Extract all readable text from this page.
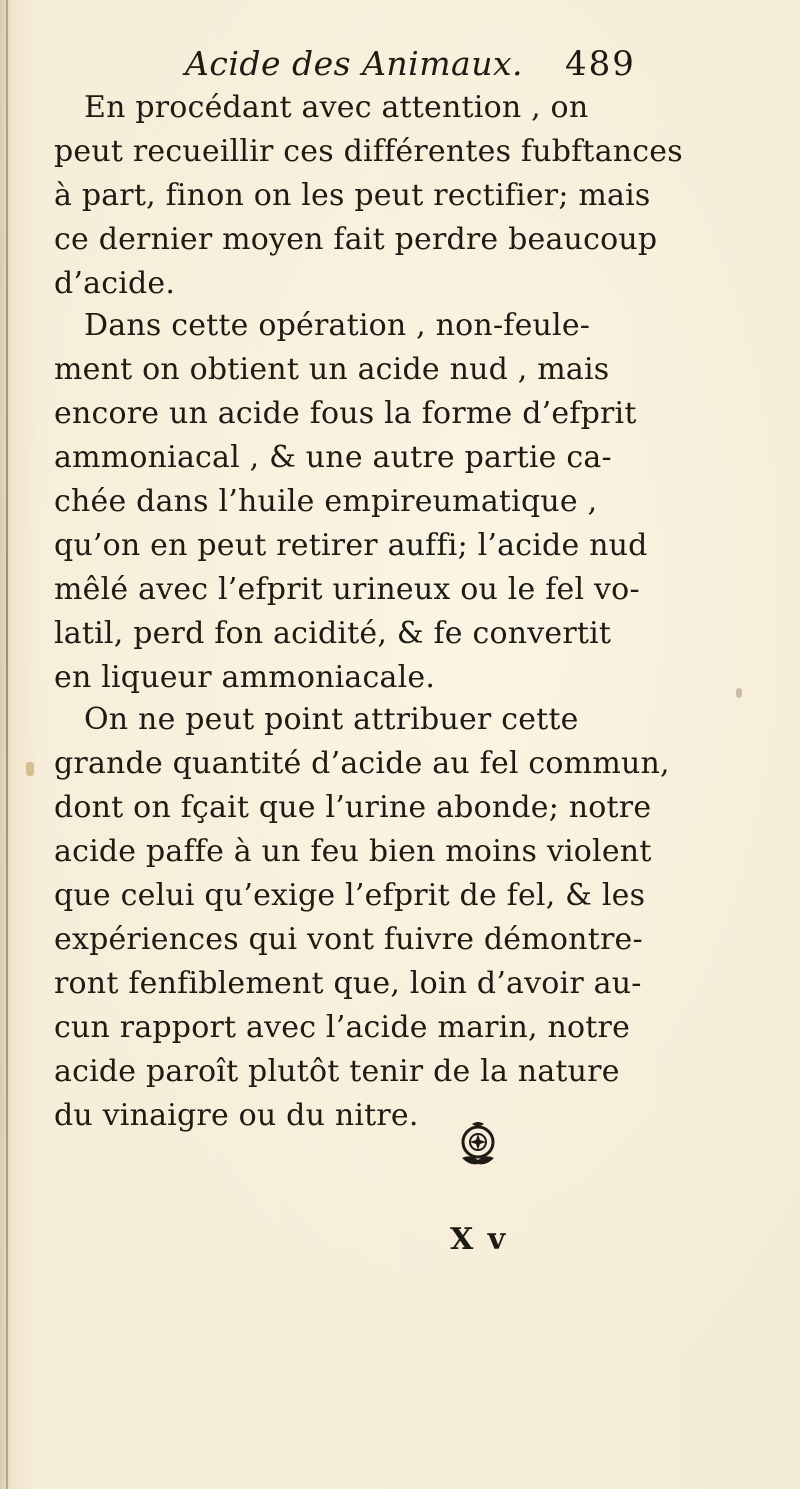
Acide des Animaux. 489
En procédant avec attention , on
peut recueillir ces différentes fubftances
à part, finon on les peut rectifier; mais
ce dernier moyen fait perdre beaucoup
d’acide.
Dans cette opération , non-feule-
ment on obtient un acide nud , mais
encore un acide fous la forme d’efprit
ammoniacal , & une autre partie ca-
chée dans l’huile empireumatique ,
qu’on en peut retirer auffi; l’acide nud
mêlé avec l’efprit urineux ou le fel vo-
latil, perd fon acidité, & fe convertit
en liqueur ammoniacale.
On ne peut point attribuer cette
grande quantité d’acide au fel commun,
dont on fçait que l’urine abonde; notre
acide paffe à un feu bien moins violent
que celui qu’exige l’efprit de fel, & les
expériences qui vont fuivre démontre-
ront fenfiblement que, loin d’avoir au-
cun rapport avec l’acide marin, notre
acide paroît plutôt tenir de la nature
du vinaigre ou du nitre.
X v
